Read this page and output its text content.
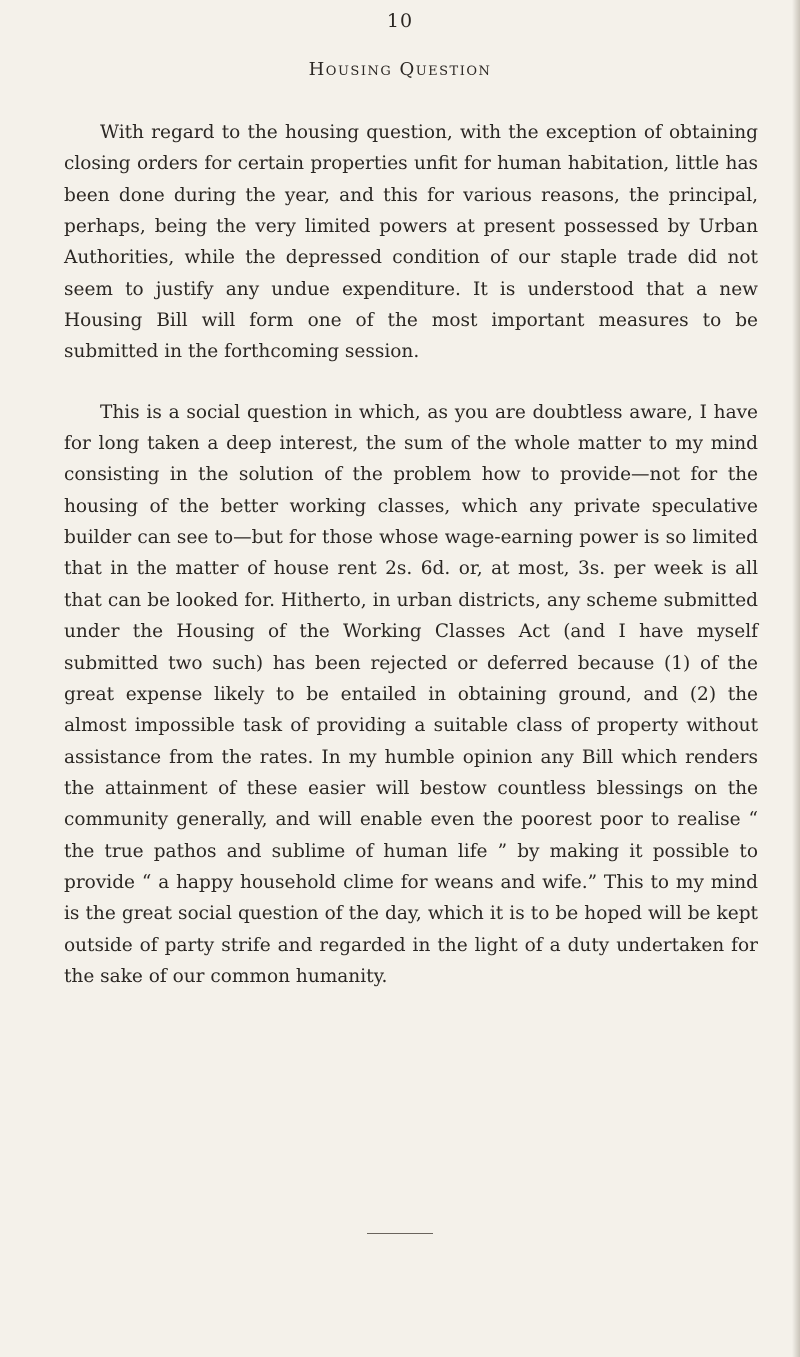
10
Housing Question

With regard to the housing question, with the exception of obtaining closing orders for certain properties unfit for human habitation, little has been done during the year, and this for various reasons, the principal, perhaps, being the very limited powers at present possessed by Urban Authorities, while the depressed condition of our staple trade did not seem to justify any undue expenditure. It is understood that a new Housing Bill will form one of the most important measures to be submitted in the forthcoming session.

This is a social question in which, as you are doubtless aware, I have for long taken a deep interest, the sum of the whole matter to my mind consisting in the solution of the problem how to provide—not for the housing of the better working classes, which any private speculative builder can see to—but for those whose wage-earning power is so limited that in the matter of house rent 2s. 6d. or, at most, 3s. per week is all that can be looked for. Hitherto, in urban districts, any scheme submitted under the Housing of the Working Classes Act (and I have myself submitted two such) has been rejected or deferred because (1) of the great expense likely to be entailed in obtaining ground, and (2) the almost impossible task of providing a suitable class of property without assistance from the rates. In my humble opinion any Bill which renders the attainment of these easier will bestow countless blessings on the community generally, and will enable even the poorest poor to realise “ the true pathos and sublime of human life ” by making it possible to provide “ a happy household clime for weans and wife.” This to my mind is the great social question of the day, which it is to be hoped will be kept outside of party strife and regarded in the light of a duty undertaken for the sake of our common humanity.
